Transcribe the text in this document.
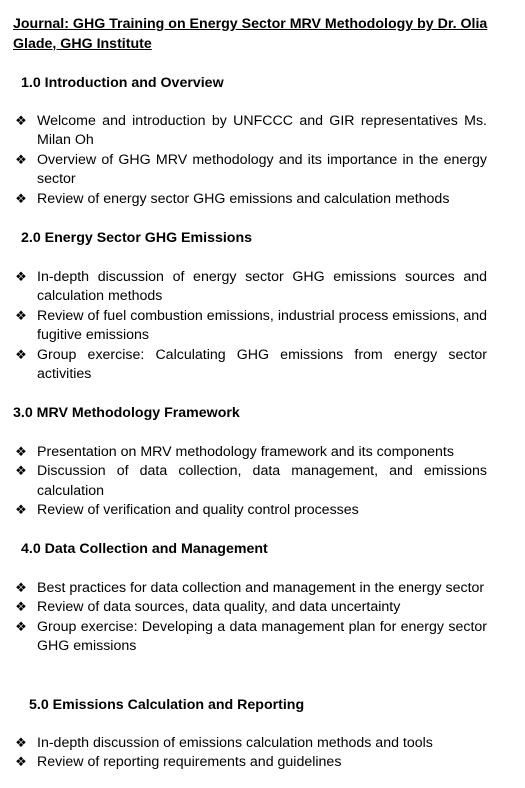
Journal: GHG Training on Energy Sector MRV Methodology by Dr. Olia Glade, GHG Institute
1.0 Introduction and Overview
❖ Welcome and introduction by UNFCCC and GIR representatives Ms. Milan Oh
❖ Overview of GHG MRV methodology and its importance in the energy sector
❖ Review of energy sector GHG emissions and calculation methods
2.0 Energy Sector GHG Emissions
❖ In-depth discussion of energy sector GHG emissions sources and calculation methods
❖ Review of fuel combustion emissions, industrial process emissions, and fugitive emissions
❖ Group exercise: Calculating GHG emissions from energy sector activities
3.0 MRV Methodology Framework
❖ Presentation on MRV methodology framework and its components
❖ Discussion of data collection, data management, and emissions calculation
❖ Review of verification and quality control processes
4.0 Data Collection and Management
❖ Best practices for data collection and management in the energy sector
❖ Review of data sources, data quality, and data uncertainty
❖ Group exercise: Developing a data management plan for energy sector GHG emissions
5.0 Emissions Calculation and Reporting
❖ In-depth discussion of emissions calculation methods and tools
❖ Review of reporting requirements and guidelines
